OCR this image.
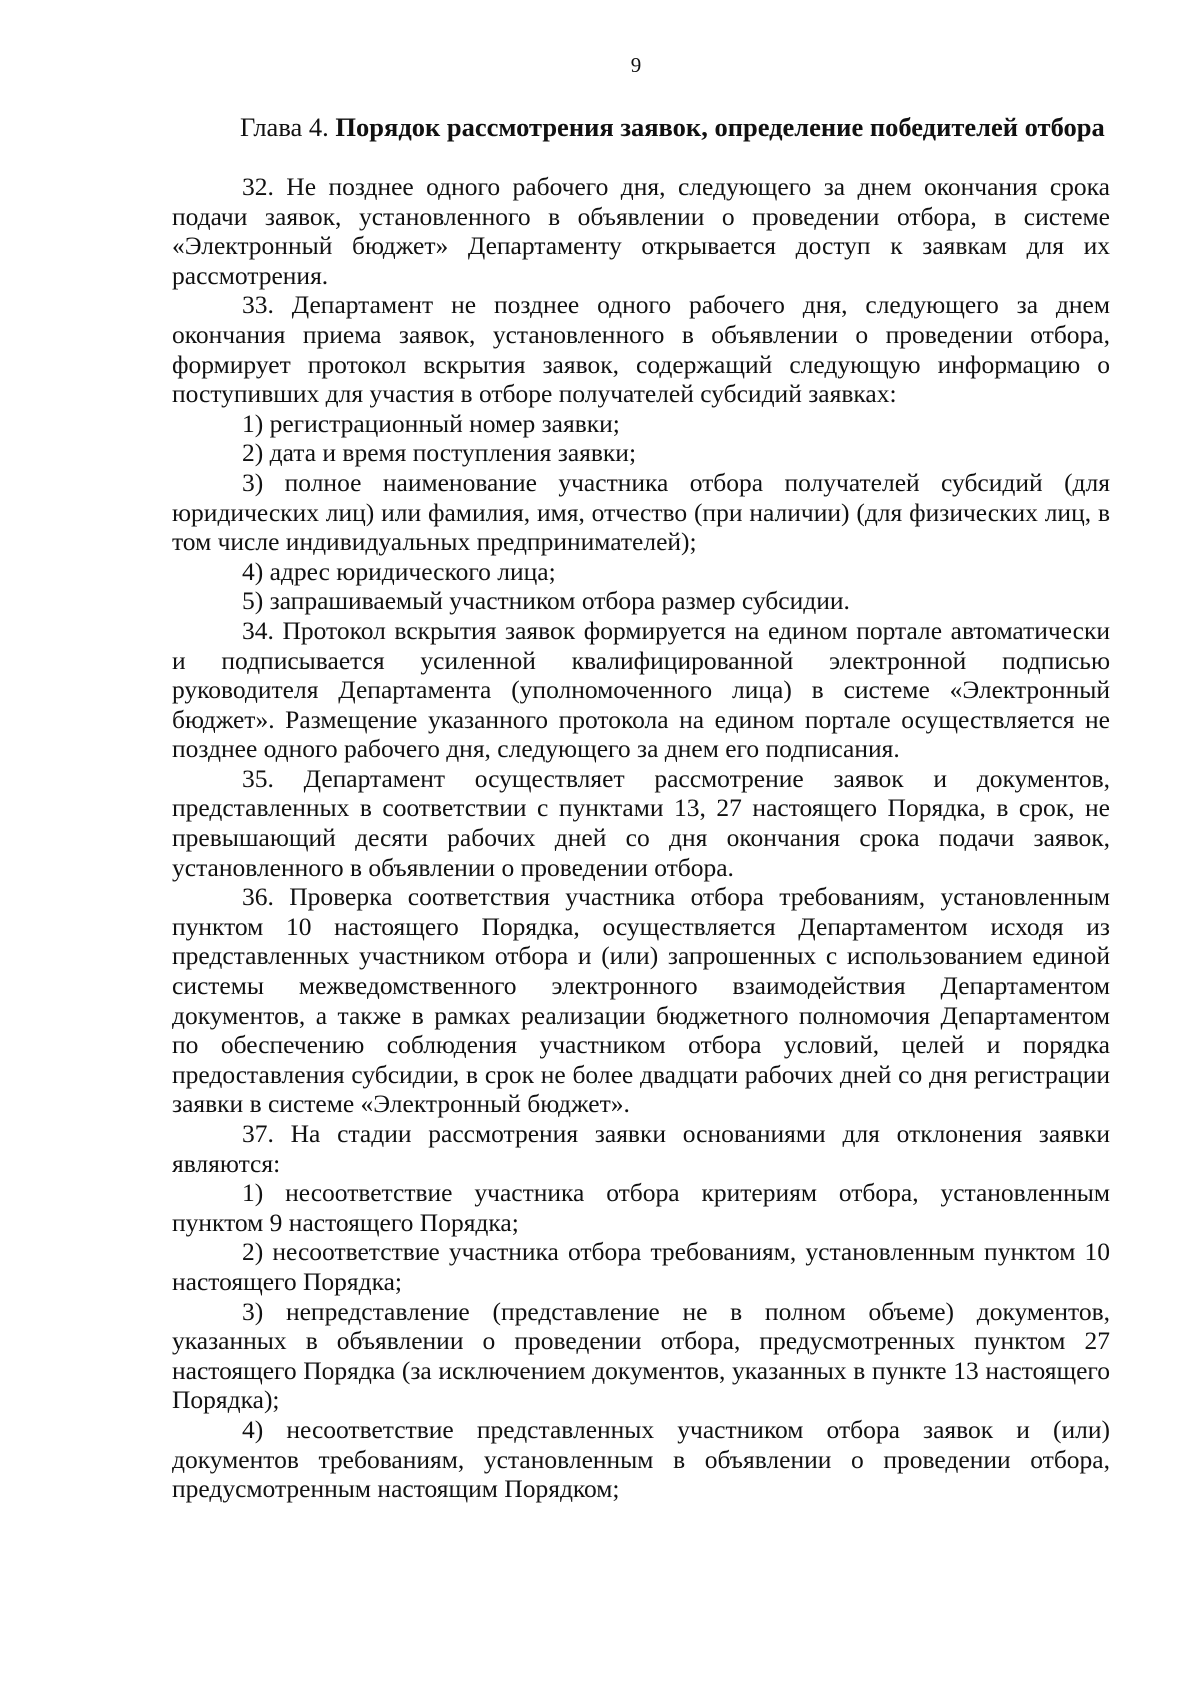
9
Глава 4. Порядок рассмотрения заявок, определение победителей отбора

32. Не позднее одного рабочего дня, следующего за днем окончания срока подачи заявок, установленного в объявлении о проведении отбора, в системе «Электронный бюджет» Департаменту открывается доступ к заявкам для их рассмотрения.

33. Департамент не позднее одного рабочего дня, следующего за днем окончания приема заявок, установленного в объявлении о проведении отбора, формирует протокол вскрытия заявок, содержащий следующую информацию о поступивших для участия в отборе получателей субсидий заявках:

1) регистрационный номер заявки;

2) дата и время поступления заявки;

3) полное наименование участника отбора получателей субсидий (для юридических лиц) или фамилия, имя, отчество (при наличии) (для физических лиц, в том числе индивидуальных предпринимателей);

4) адрес юридического лица;

5) запрашиваемый участником отбора размер субсидии.

34. Протокол вскрытия заявок формируется на едином портале автоматически и подписывается усиленной квалифицированной электронной подписью руководителя Департамента (уполномоченного лица) в системе «Электронный бюджет». Размещение указанного протокола на едином портале осуществляется не позднее одного рабочего дня, следующего за днем его подписания.

35. Департамент осуществляет рассмотрение заявок и документов, представленных в соответствии с пунктами 13, 27 настоящего Порядка, в срок, не превышающий десяти рабочих дней со дня окончания срока подачи заявок, установленного в объявлении о проведении отбора.

36. Проверка соответствия участника отбора требованиям, установленным пунктом 10 настоящего Порядка, осуществляется Департаментом исходя из представленных участником отбора и (или) запрошенных с использованием единой системы межведомственного электронного взаимодействия Департаментом документов, а также в рамках реализации бюджетного полномочия Департаментом по обеспечению соблюдения участником отбора условий, целей и порядка предоставления субсидии, в срок не более двадцати рабочих дней со дня регистрации заявки в системе «Электронный бюджет».

37. На стадии рассмотрения заявки основаниями для отклонения заявки являются:

1) несоответствие участника отбора критериям отбора, установленным пунктом 9 настоящего Порядка;

2) несоответствие участника отбора требованиям, установленным пунктом 10 настоящего Порядка;

3) непредставление (представление не в полном объеме) документов, указанных в объявлении о проведении отбора, предусмотренных пунктом 27 настоящего Порядка (за исключением документов, указанных в пункте 13 настоящего Порядка);

4) несоответствие представленных участником отбора заявок и (или) документов требованиям, установленным в объявлении о проведении отбора, предусмотренным настоящим Порядком;
